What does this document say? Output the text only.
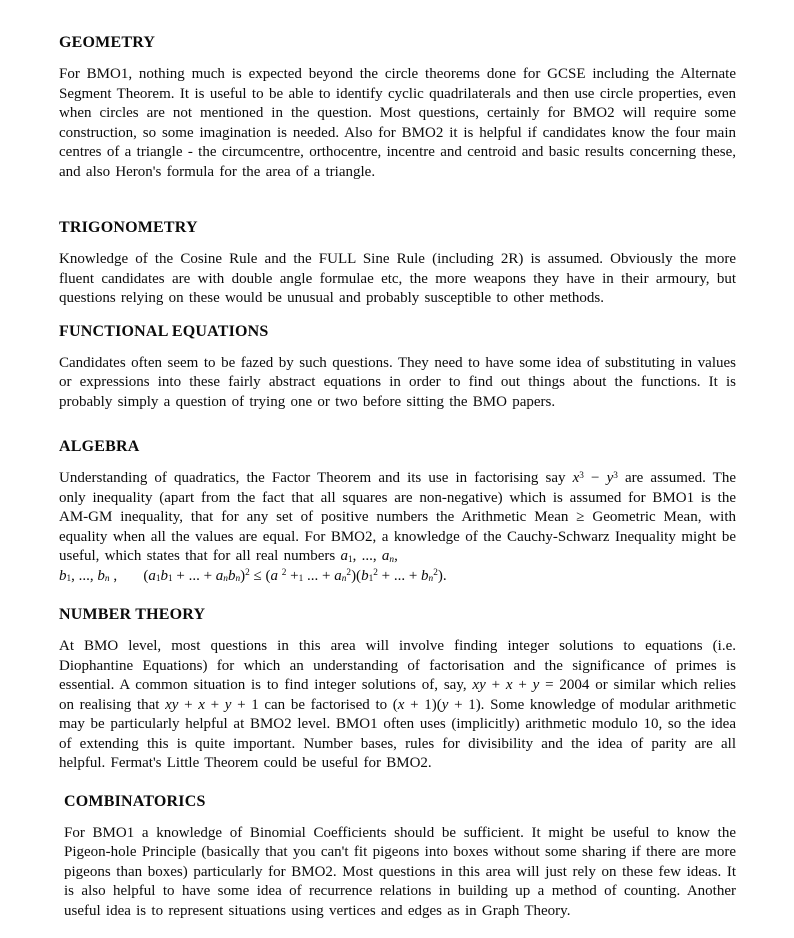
GEOMETRY

For BMO1, nothing much is expected beyond the circle theorems done for GCSE including the Alternate Segment Theorem. It is useful to be able to identify cyclic quadrilaterals and then use circle properties, even when circles are not mentioned in the question. Most questions, certainly for BMO2 will require some construction, so some imagination is needed. Also for BMO2 it is helpful if candidates know the four main centres of a triangle - the circumcentre, orthocentre, incentre and centroid and basic results concerning these, and also Heron's formula for the area of a triangle.

TRIGONOMETRY

Knowledge of the Cosine Rule and the FULL Sine Rule (including 2R) is assumed. Obviously the more fluent candidates are with double angle formulae etc, the more weapons they have in their armoury, but questions relying on these would be unusual and probably susceptible to other methods.

FUNCTIONAL EQUATIONS

Candidates often seem to be fazed by such questions. They need to have some idea of substituting in values or expressions into these fairly abstract equations in order to find out things about the functions. It is probably simply a question of trying one or two before sitting the BMO papers.

ALGEBRA

Understanding of quadratics, the Factor Theorem and its use in factorising say $x^3 - y^3$ are assumed. The only inequality (apart from the fact that all squares are non-negative) which is assumed for BMO1 is the AM-GM inequality, that for any set of positive numbers the Arithmetic Mean ≥ Geometric Mean, with equality when all the values are equal. For BMO2, a knowledge of the Cauchy-Schwarz Inequality might be useful, which states that for all real numbers $a_1$, ..., $a_n$,

$b_1$, ..., $b_n$ ,       ($a_1b_1$ + ... + $a_nb_n)^2 \le (a$ $^2 +_1$ ... + $a_n^2)(b_1^2$ + ... + $b_n^2$).
NUMBER THEORY

At BMO level, most questions in this area will involve finding integer solutions to equations (i.e. Diophantine Equations) for which an understanding of factorisation and the significance of primes is essential. A common situation is to find integer solutions of, say, xy + x + y = 2004 or similar which relies on realising that xy + x + y + 1 can be factorised to (x + 1)(y + 1). Some knowledge of modular arithmetic may be particularly helpful at BMO2 level. BMO1 often uses (implicitly) arithmetic modulo 10, so the idea of extending this is quite important. Number bases, rules for divisibility and the idea of parity are all helpful. Fermat's Little Theorem could be useful for BMO2.

COMBINATORICS

For BMO1 a knowledge of Binomial Coefficients should be sufficient. It might be useful to know the Pigeon-hole Principle (basically that you can't fit pigeons into boxes without some sharing if there are more pigeons than boxes) particularly for BMO2. Most questions in this area will just rely on these few ideas. It is also helpful to have some idea of recurrence relations in building up a method of counting. Another useful idea is to represent situations using vertices and edges as in Graph Theory.
